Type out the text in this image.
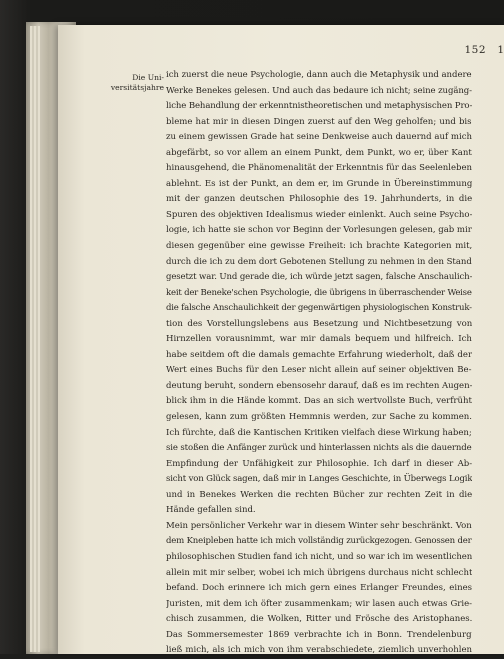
152 1
Die Uni-
versitätsjahre
ich zuerst die neue Psychologie, dann auch die Metaphysik und andere
Werke Benekes gelesen. Und auch das bedaure ich nicht; seine zugäng-
liche Behandlung der erkenntnistheoretischen und metaphysischen Pro-
bleme hat mir in diesen Dingen zuerst auf den Weg geholfen; und bis
zu einem gewissen Grade hat seine Denkweise auch dauernd auf mich
abgefärbt, so vor allem an einem Punkt, dem Punkt, wo er, über Kant
hinausgehend, die Phänomenalität der Erkenntnis für das Seelenleben
ablehnt. Es ist der Punkt, an dem er, im Grunde in Übereinstimmung
mit der ganzen deutschen Philosophie des 19. Jahrhunderts, in die
Spuren des objektiven Idealismus wieder einlenkt. Auch seine Psycho-
logie, ich hatte sie schon vor Beginn der Vorlesungen gelesen, gab mir
diesen gegenüber eine gewisse Freiheit: ich brachte Kategorien mit,
durch die ich zu dem dort Gebotenen Stellung zu nehmen in den Stand
gesetzt war. Und gerade die, ich würde jetzt sagen, falsche Anschaulich-
keit der Beneke'schen Psychologie, die übrigens in überraschender Weise
die falsche Anschaulichkeit der gegenwärtigen physiologischen Konstruk-
tion des Vorstellungslebens aus Besetzung und Nichtbesetzung von
Hirnzellen vorausnimmt, war mir damals bequem und hilfreich. Ich
habe seitdem oft die damals gemachte Erfahrung wiederholt, daß der
Wert eines Buchs für den Leser nicht allein auf seiner objektiven Be-
deutung beruht, sondern ebensosehr darauf, daß es im rechten Augen-
blick ihm in die Hände kommt. Das an sich wertvollste Buch, verfrüht
gelesen, kann zum größten Hemmnis werden, zur Sache zu kommen.
Ich fürchte, daß die Kantischen Kritiken vielfach diese Wirkung haben;
sie stoßen die Anfänger zurück und hinterlassen nichts als die dauernde
Empfindung der Unfähigkeit zur Philosophie. Ich darf in dieser Ab-
sicht von Glück sagen, daß mir in Langes Geschichte, in Überwegs Logik
und in Benekes Werken die rechten Bücher zur rechten Zeit in die
Hände gefallen sind.
Mein persönlicher Verkehr war in diesem Winter sehr beschränkt. Von
dem Kneipleben hatte ich mich vollständig zurückgezogen. Genossen der
philosophischen Studien fand ich nicht, und so war ich im wesentlichen
allein mit mir selber, wobei ich mich übrigens durchaus nicht schlecht
befand. Doch erinnere ich mich gern eines Erlanger Freundes, eines
Juristen, mit dem ich öfter zusammenkam; wir lasen auch etwas Grie-
chisch zusammen, die Wolken, Ritter und Frösche des Aristophanes.
Das Sommersemester 1869 verbrachte ich in Bonn. Trendelenburg
ließ mich, als ich mich von ihm verabschiedete, ziemlich unverhohlen
